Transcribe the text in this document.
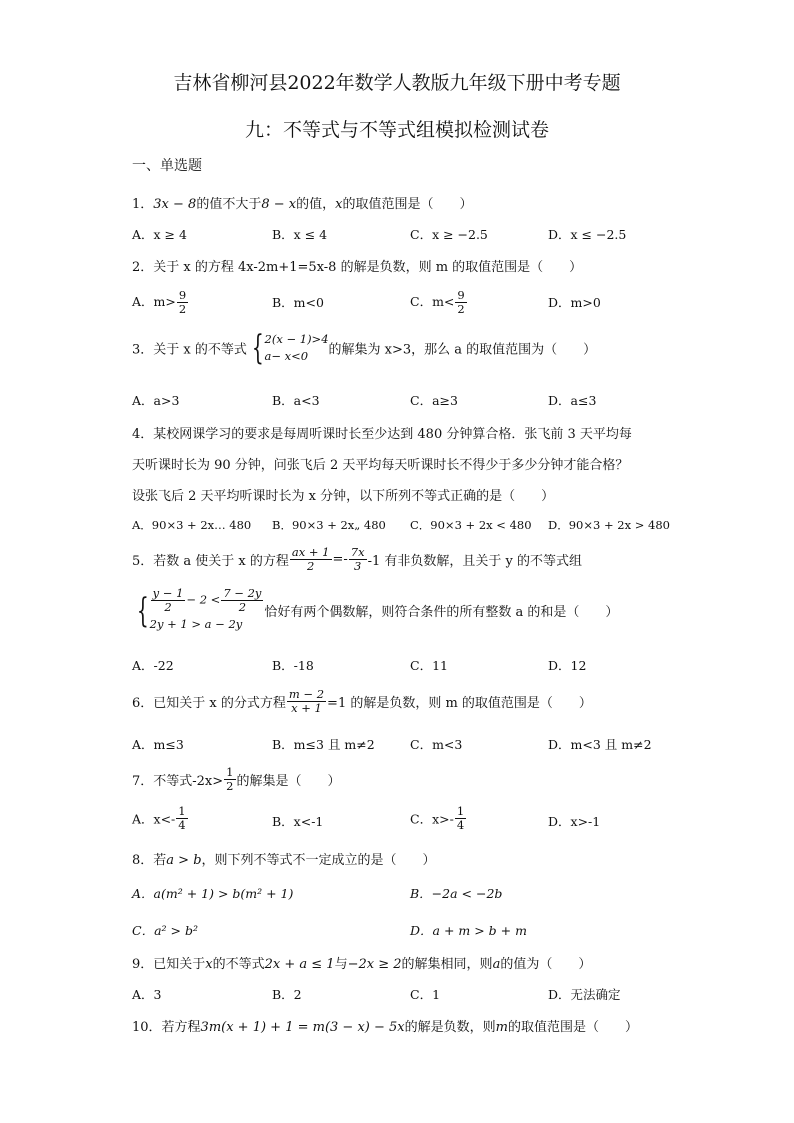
吉林省柳河县2022年数学人教版九年级下册中考专题
九：不等式与不等式组模拟检测试卷
一、单选题
1．3x − 8的值不大于8 − x的值，x的取值范围是（　　）
A．x ≥ 4	B．x ≤ 4	C．x ≥ −2.5	D．x ≤ −2.5
2．关于 x 的方程 4x-2m+1=5x-8 的解是负数，则 m 的取值范围是（　　）
A．$m> \frac{9}{2}$	B．m<0	C．$m< \frac{9}{2}$	D．m>0
3．关于 x 的不等式 { 2(x − 1)>4
a− x<0	的解集为 x>3，那么 a 的取值范围为（　　）
A．a>3	B．a<3	C．a≥3	D．a≤3
4．某校网课学习的要求是每周听课时长至少达到 480 分钟算合格．张飞前 3 天平均每
天听课时长为 90 分钟，问张飞后 2 天平均每天听课时长不得少于多少分钟才能合格？
设张飞后 2 天平均听课时长为 x 分钟，以下所列不等式正确的是（　　）
A．90×3 + 2x… 480 B．90×3 + 2x„ 480 C．90×3 + 2x < 480 D．90×3 + 2x > 480
5．若数 a 使关于 x 的方程 $\frac{ax + 1}{2} =- \frac{7x}{3} -1$ 有非负数解，且关于 y 的不等式组
{ $\frac{y - 1}{2} - 2 < \frac{7 - 2y}{2}$
2y + 1 > a − 2y
恰好有两个偶数解，则符合条件的所有整数 a 的和是（　　）
A．-22	B．-18	C．11	D．12
6．已知关于 x 的分式方程 $\frac{m - 2}{x + 1} =1$ 的解是负数，则 m 的取值范围是（　　）
A．m≤3	B．m≤3 且 m≠2	C．m<3	D．m<3 且 m≠2
7．不等式$-2x> \frac{1}{2}$ 的解集是（　　）
A．$x<- \frac{1}{4}$	B．x<-1	C．$x>- \frac{1}{4}$	D．x>-1
8．若a > b，则下列不等式不一定成立的是（　　）
A．a(m² + 1) > b(m² + 1)	B．−2a < −2b
C．a² > b²	D．a + m > b + m
9．已知关于x的不等式2x + a ≤ 1与−2x ≥ 2的解集相同，则a的值为（　　）
A．3	B．2	C．1	D．无法确定
10．若方程3m(x + 1) + 1 = m(3 − x) − 5x的解是负数，则m的取值范围是（　　）
